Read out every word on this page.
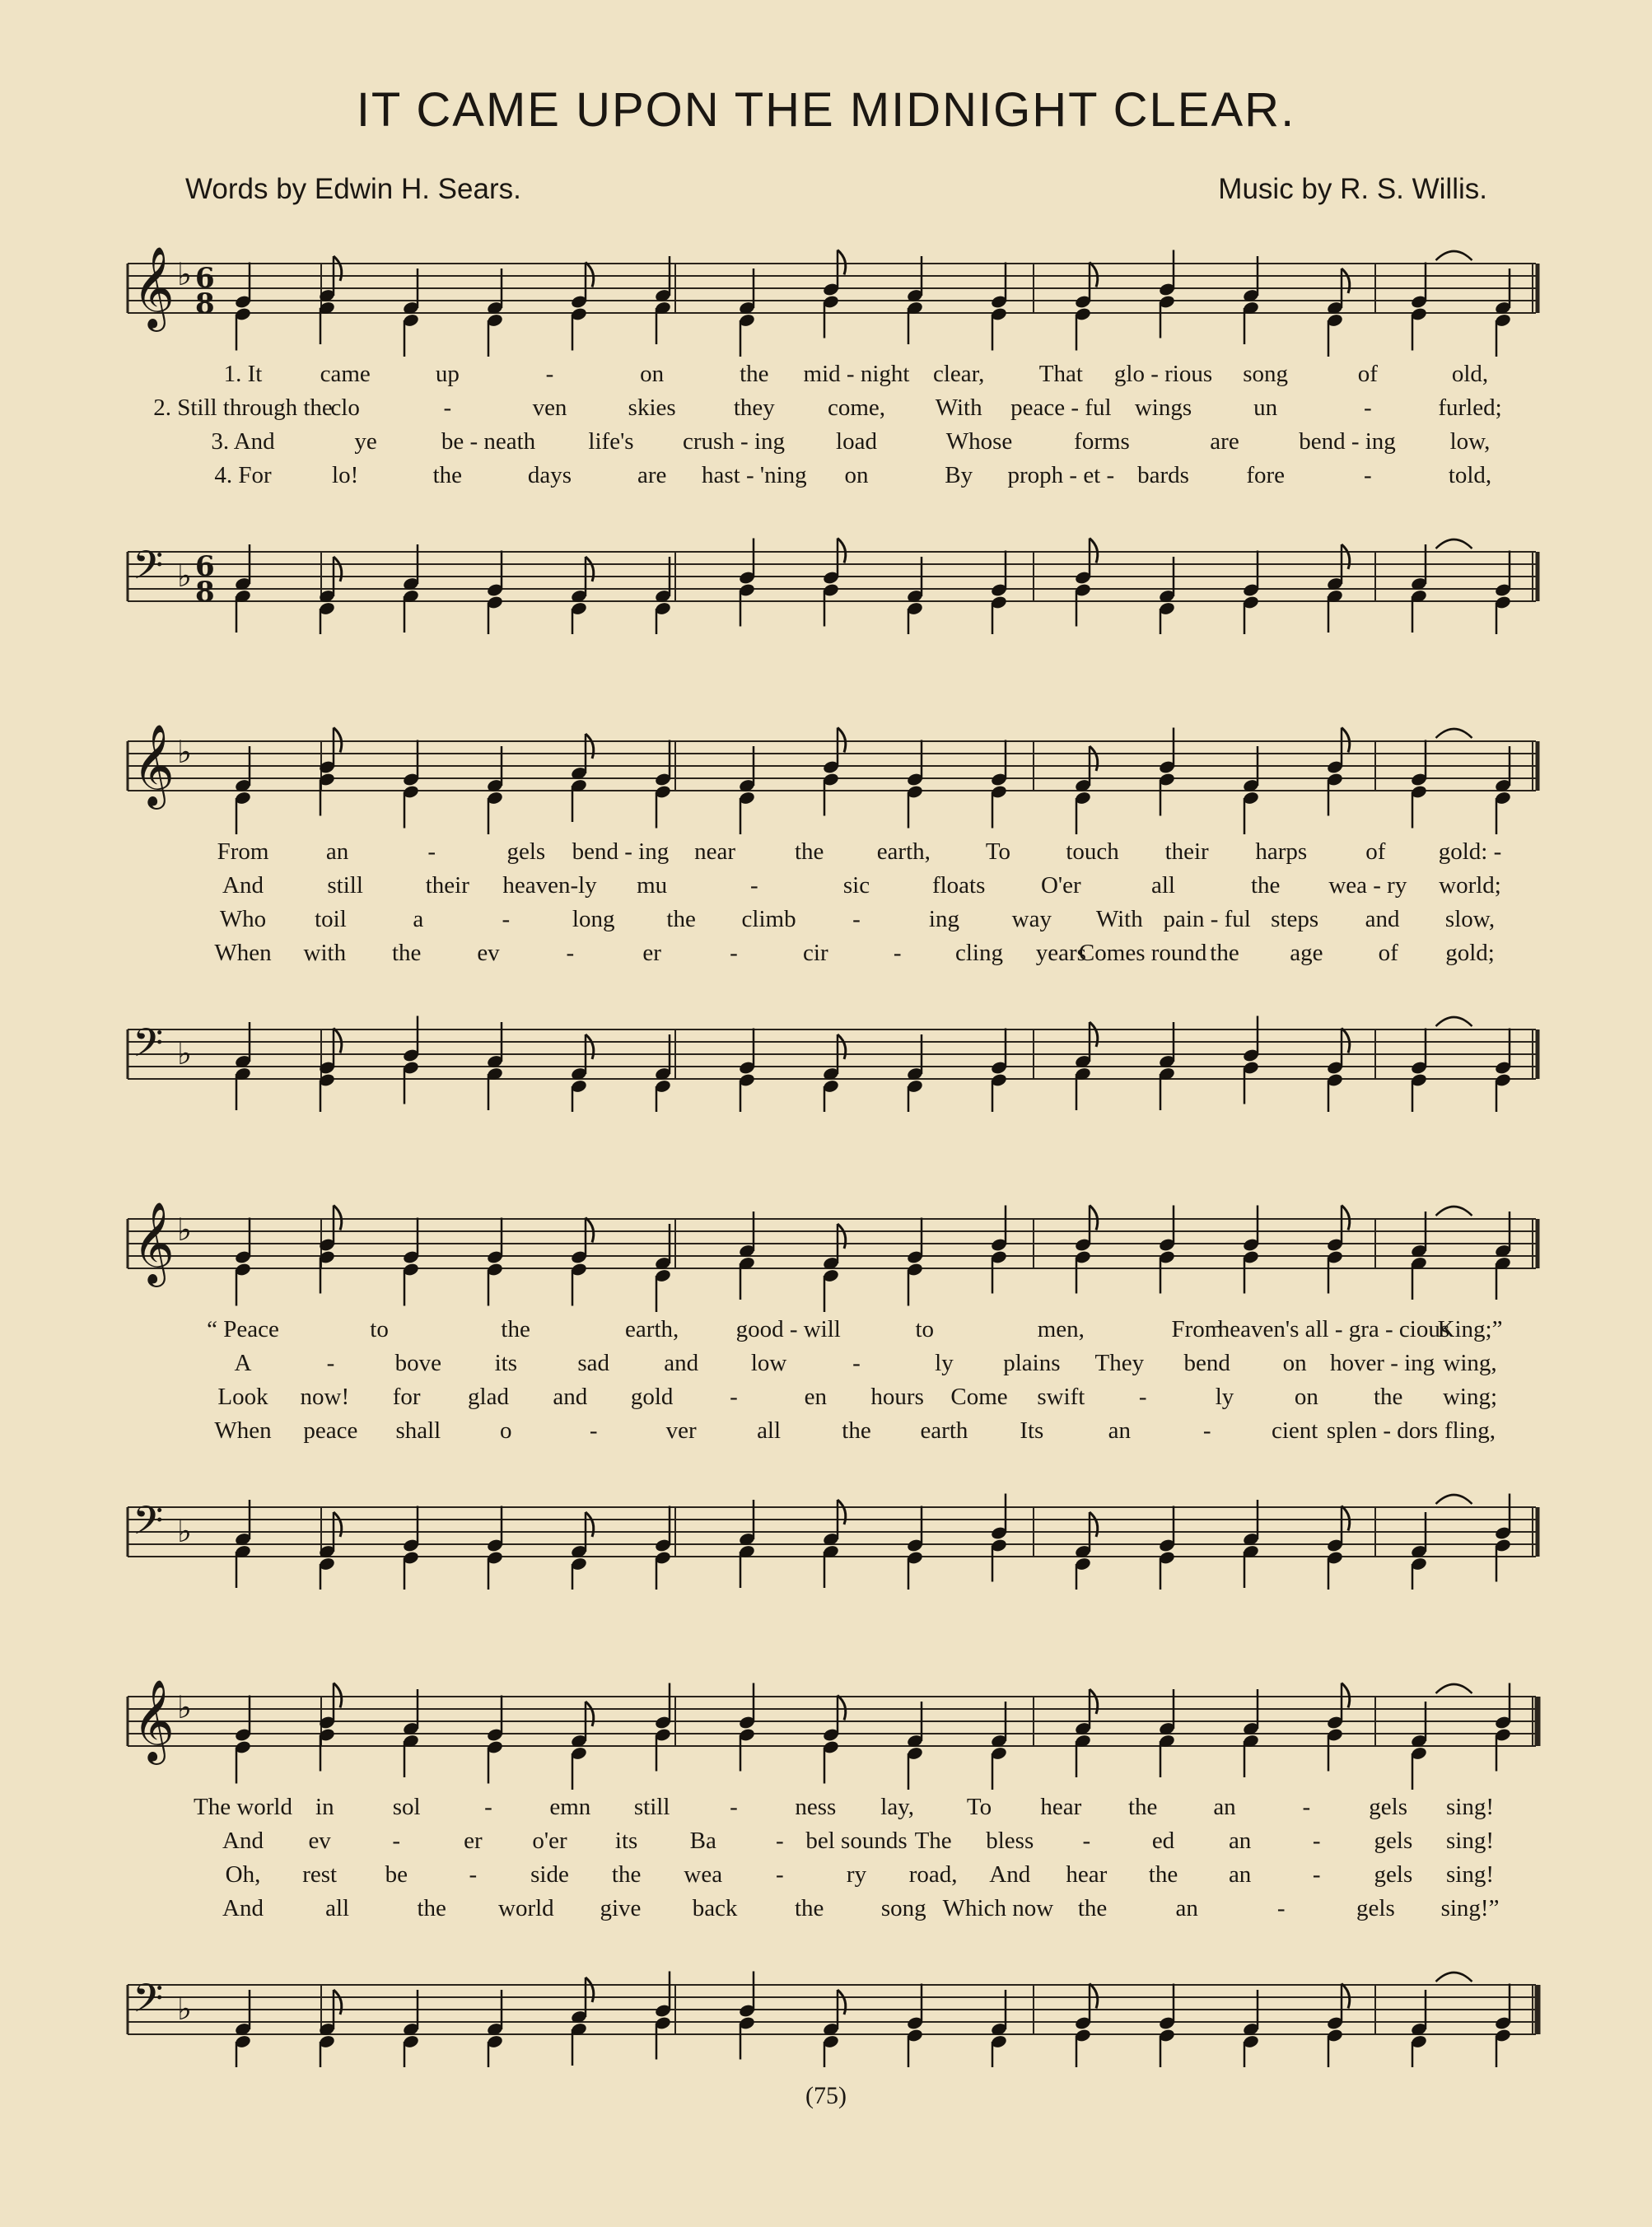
IT CAME UPON THE MIDNIGHT CLEAR.
Words by Edwin H. Sears.	Music by R. S. Willis.
𝄞 ♭ 6
8
𝄢 ♭ 6
8
1. It came	up	-	on	the mid - night clear, That glo - rious song	of	old,
2. Still through the
clo	-	ven	skies they come, With peace - ful wings	un	-	furled;
3. And	ye	be - neath life's crush - ing load	Whose	forms	are	bend - ing low,
4. For	lo!	the	days	are hast - 'ning on	By proph - et - bards fore	-	told,
𝄞 ♭
𝄢 ♭
From an	-	gels bend - ing near the earth, To touch their harps of gold: -
And	still	their heaven-ly mu	-	sic	floats O'er	all	the wea - ry world;
Who toil	a	-	long the climb -	ing way With pain - ful steps and slow,
When with the ev	-	er	-	cir	- cling years
Comes round the age of gold;
𝄞 ♭
𝄢 ♭
“ Peace	to	the	earth, good - will	to	men,	From
heaven's all - gra - cious
King;”
A	-	bove its	sad and low	-	ly plains They bend on hover - ing wing,
Look now! for glad and gold -	en hours Come swift -	ly	on the wing;
When peace shall o	-	ver	all	the earth Its	an	-	cient splen - dors fling,
𝄞 ♭
𝄢 ♭
The world in sol	- emn still	- ness lay, To hear the an	- gels sing!
And ev	-	er o'er its Ba - bel sounds The bless -	ed an	- gels sing!
Oh, rest be	- side the wea -	ry road, And hear the an	- gels sing!
And	all	the world give back the song Which now the	an	-	gels sing!”
(75)
